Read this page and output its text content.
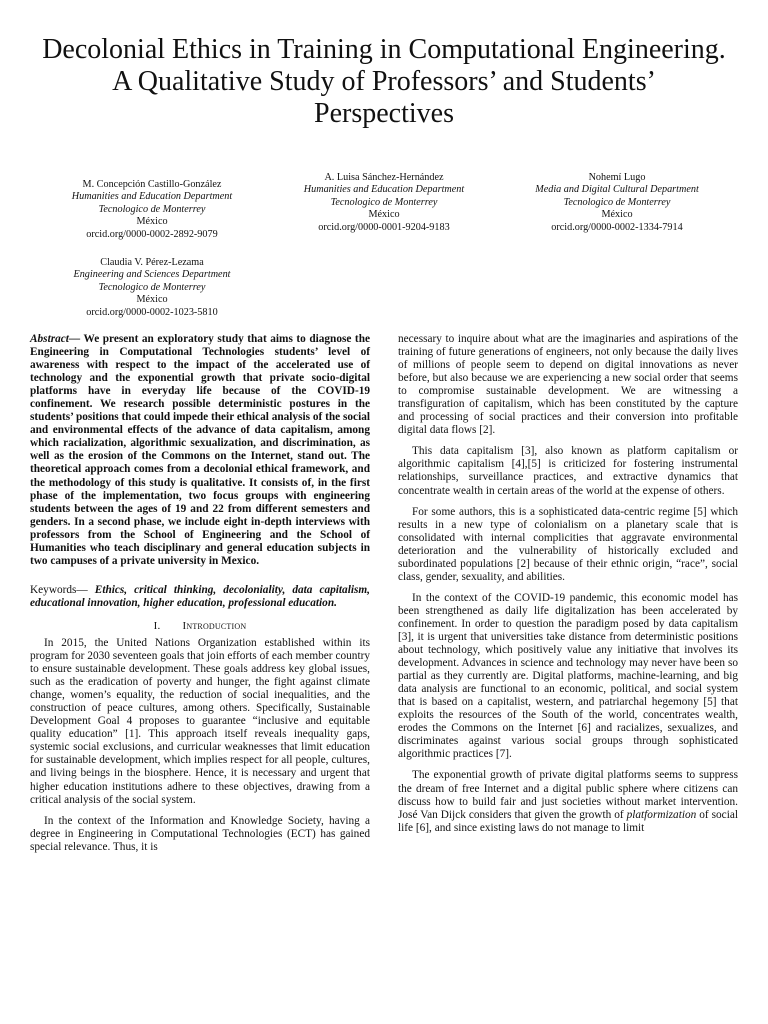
Decolonial Ethics in Training in Computational Engineering. A Qualitative Study of Professors’ and Students’ Perspectives
M. Concepción Castillo-González
Humanities and Education Department
Tecnologico de Monterrey
México
orcid.org/0000-0002-2892-9079
A. Luisa Sánchez-Hernández
Humanities and Education Department
Tecnologico de Monterrey
México
orcid.org/0000-0001-9204-9183
Nohemí Lugo
Media and Digital Cultural Department
Tecnologico de Monterrey
México
orcid.org/0000-0002-1334-7914
Claudia V. Pérez-Lezama
Engineering and Sciences Department
Tecnologico de Monterrey
México
orcid.org/0000-0002-1023-5810

Abstract— We present an exploratory study that aims to diagnose the Engineering in Computational Technologies students’ level of awareness with respect to the impact of the accelerated use of technology and the exponential growth that private socio-digital platforms have in everyday life because of the COVID-19 confinement. We research possible deterministic postures in the students’ positions that could impede their ethical analysis of the social and environmental effects of the advance of data capitalism, among which racialization, algorithmic sexualization, and discrimination, as well as the erosion of the Commons on the Internet, stand out. The theoretical approach comes from a decolonial ethical framework, and the methodology of this study is qualitative. It consists of, in the first phase of the implementation, two focus groups with engineering students between the ages of 19 and 22 from different semesters and genders. In a second phase, we include eight in-depth interviews with professors from the School of Engineering and the School of Humanities who teach disciplinary and general education subjects in two campuses of a private university in Mexico.

Keywords— Ethics, critical thinking, decoloniality, data capitalism, educational innovation, higher education, professional education.

I. Introduction

In 2015, the United Nations Organization established within its program for 2030 seventeen goals that join efforts of each member country to ensure sustainable development. These goals address key global issues, such as the eradication of poverty and hunger, the fight against climate change, women’s equality, the reduction of social inequalities, and the construction of peace cultures, among others. Specifically, Sustainable Development Goal 4 proposes to guarantee “inclusive and equitable quality education” [1]. This approach itself reveals inequality gaps, systemic social exclusions, and curricular weaknesses that limit education for sustainable development, which implies respect for all people, cultures, and living beings in the biosphere. Hence, it is necessary and urgent that higher education institutions adhere to these objectives, drawing from a critical analysis of the social system.

In the context of the Information and Knowledge Society, having a degree in Engineering in Computational Technologies (ECT) has gained special relevance. Thus, it is

necessary to inquire about what are the imaginaries and aspirations of the training of future generations of engineers, not only because the daily lives of millions of people seem to depend on digital innovations as never before, but also because we are experiencing a new social order that seems to compromise sustainable development. We are witnessing a transfiguration of capitalism, which has been constituted by the capture and processing of social practices and their conversion into profitable digital data flows [2].

This data capitalism [3], also known as platform capitalism or algorithmic capitalism [4],[5] is criticized for fostering instrumental relationships, surveillance practices, and extractive dynamics that concentrate wealth in certain areas of the world at the expense of others.

For some authors, this is a sophisticated data-centric regime [5] which results in a new type of colonialism on a planetary scale that is consolidated with internal complicities that aggravate environmental deterioration and the vulnerability of historically excluded and subordinated populations [2] because of their ethnic origin, “race”, social class, gender, sexuality, and abilities.

In the context of the COVID-19 pandemic, this economic model has been strengthened as daily life digitalization has been accelerated by confinement. In order to question the paradigm posed by data capitalism [3], it is urgent that universities take distance from deterministic positions about technology, which positively value any initiative that involves its development. Advances in science and technology may never have been so partial as they currently are. Digital platforms, machine-learning, and big data analysis are functional to an economic, political, and social system that is based on a capitalist, western, and patriarchal hegemony [5] that exploits the resources of the South of the world, concentrates wealth, erodes the Commons on the Internet [6] and racializes, sexualizes, and discriminates against various social groups through sophisticated algorithmic practices [7].

The exponential growth of private digital platforms seems to suppress the dream of free Internet and a digital public sphere where citizens can discuss how to build fair and just societies without market intervention. José Van Dijck considers that given the growth of platformization of social life [6], and since existing laws do not manage to limit
